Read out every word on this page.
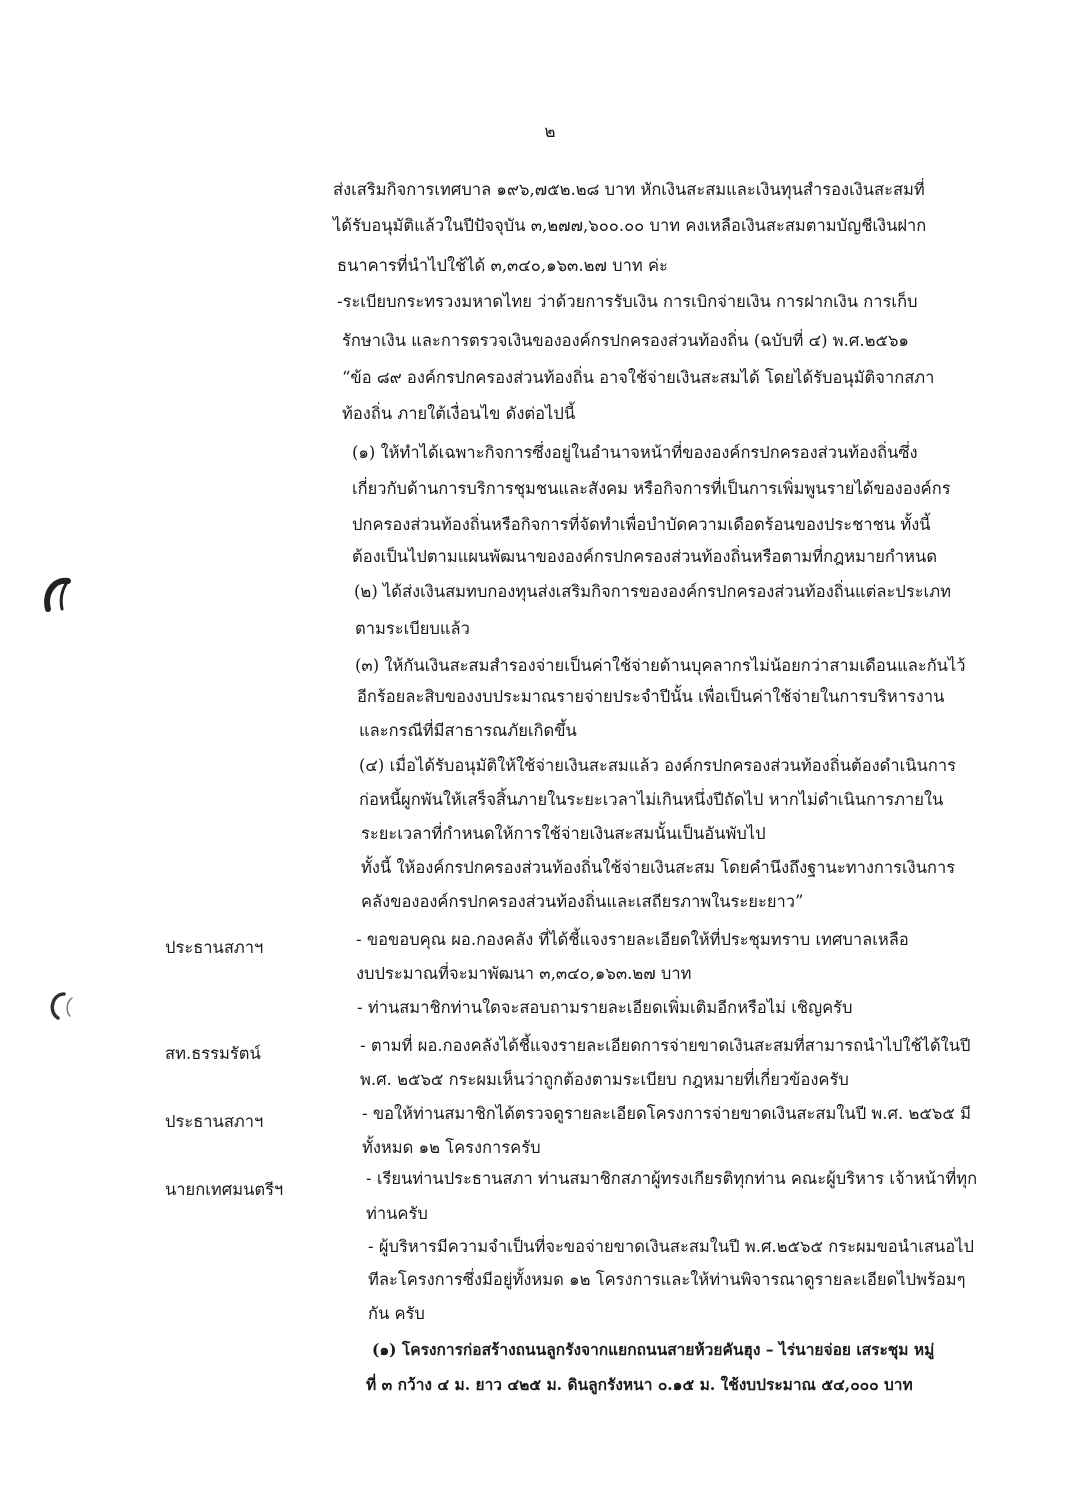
๒
ส่งเสริมกิจการเทศบาล ๑๙๖,๗๕๒.๒๘ บาท หักเงินสะสมและเงินทุนสำรองเงินสะสมที่
ได้รับอนุมัติแล้วในปีปัจจุบัน ๓,๒๗๗,๖๐๐.๐๐ บาท คงเหลือเงินสะสมตามบัญชีเงินฝาก
ธนาคารที่นำไปใช้ได้ ๓,๓๔๐,๑๖๓.๒๗ บาท ค่ะ
-ระเบียบกระทรวงมหาดไทย ว่าด้วยการรับเงิน การเบิกจ่ายเงิน การฝากเงิน การเก็บ
รักษาเงิน และการตรวจเงินขององค์กรปกครองส่วนท้องถิ่น (ฉบับที่ ๔) พ.ศ.๒๕๖๑
“ข้อ ๘๙ องค์กรปกครองส่วนท้องถิ่น อาจใช้จ่ายเงินสะสมได้ โดยได้รับอนุมัติจากสภา
ท้องถิ่น ภายใต้เงื่อนไข ดังต่อไปนี้
(๑) ให้ทำได้เฉพาะกิจการซึ่งอยู่ในอำนาจหน้าที่ขององค์กรปกครองส่วนท้องถิ่นซึ่ง
เกี่ยวกับด้านการบริการชุมชนและสังคม หรือกิจการที่เป็นการเพิ่มพูนรายได้ขององค์กร
ปกครองส่วนท้องถิ่นหรือกิจการที่จัดทำเพื่อบำบัดความเดือดร้อนของประชาชน ทั้งนี้
ต้องเป็นไปตามแผนพัฒนาขององค์กรปกครองส่วนท้องถิ่นหรือตามที่กฎหมายกำหนด
(๒) ได้ส่งเงินสมทบกองทุนส่งเสริมกิจการขององค์กรปกครองส่วนท้องถิ่นแต่ละประเภท
ตามระเบียบแล้ว
(๓) ให้กันเงินสะสมสำรองจ่ายเป็นค่าใช้จ่ายด้านบุคลากรไม่น้อยกว่าสามเดือนและกันไว้
อีกร้อยละสิบของงบประมาณรายจ่ายประจำปีนั้น เพื่อเป็นค่าใช้จ่ายในการบริหารงาน
และกรณีที่มีสาธารณภัยเกิดขึ้น
(๔) เมื่อได้รับอนุมัติให้ใช้จ่ายเงินสะสมแล้ว องค์กรปกครองส่วนท้องถิ่นต้องดำเนินการ
ก่อหนี้ผูกพันให้เสร็จสิ้นภายในระยะเวลาไม่เกินหนึ่งปีถัดไป หากไม่ดำเนินการภายใน
ระยะเวลาที่กำหนดให้การใช้จ่ายเงินสะสมนั้นเป็นอันพับไป
ทั้งนี้ ให้องค์กรปกครองส่วนท้องถิ่นใช้จ่ายเงินสะสม โดยคำนึงถึงฐานะทางการเงินการ
คลังขององค์กรปกครองส่วนท้องถิ่นและเสถียรภาพในระยะยาว”
ประธานสภาฯ	- ขอขอบคุณ ผอ.กองคลัง ที่ได้ชี้แจงรายละเอียดให้ที่ประชุมทราบ เทศบาลเหลือ
งบประมาณที่จะมาพัฒนา ๓,๓๔๐,๑๖๓.๒๗ บาท
- ท่านสมาชิกท่านใดจะสอบถามรายละเอียดเพิ่มเติมอีกหรือไม่ เชิญครับ
สท.ธรรมรัตน์	- ตามที่ ผอ.กองคลังได้ชี้แจงรายละเอียดการจ่ายขาดเงินสะสมที่สามารถนำไปใช้ได้ในปี
พ.ศ. ๒๕๖๕ กระผมเห็นว่าถูกต้องตามระเบียบ กฎหมายที่เกี่ยวข้องครับ
ประธานสภาฯ	- ขอให้ท่านสมาชิกได้ตรวจดูรายละเอียดโครงการจ่ายขาดเงินสะสมในปี พ.ศ. ๒๕๖๕ มี
ทั้งหมด ๑๒ โครงการครับ
นายกเทศมนตรีฯ
- เรียนท่านประธานสภา ท่านสมาชิกสภาผู้ทรงเกียรติทุกท่าน คณะผู้บริหาร เจ้าหน้าที่ทุก
ท่านครับ
- ผู้บริหารมีความจำเป็นที่จะขอจ่ายขาดเงินสะสมในปี พ.ศ.๒๕๖๕ กระผมขอนำเสนอไป
ทีละโครงการซึ่งมีอยู่ทั้งหมด ๑๒ โครงการและให้ท่านพิจารณาดูรายละเอียดไปพร้อมๆ
กัน ครับ
(๑) โครงการก่อสร้างถนนลูกรังจากแยกถนนสายห้วยคันฮุง – ไร่นายจ่อย เสระชุม หมู่
ที่ ๓ กว้าง ๔ ม. ยาว ๔๒๕ ม. ดินลูกรังหนา ๐.๑๕ ม. ใช้งบประมาณ ๕๔,๐๐๐ บาท
